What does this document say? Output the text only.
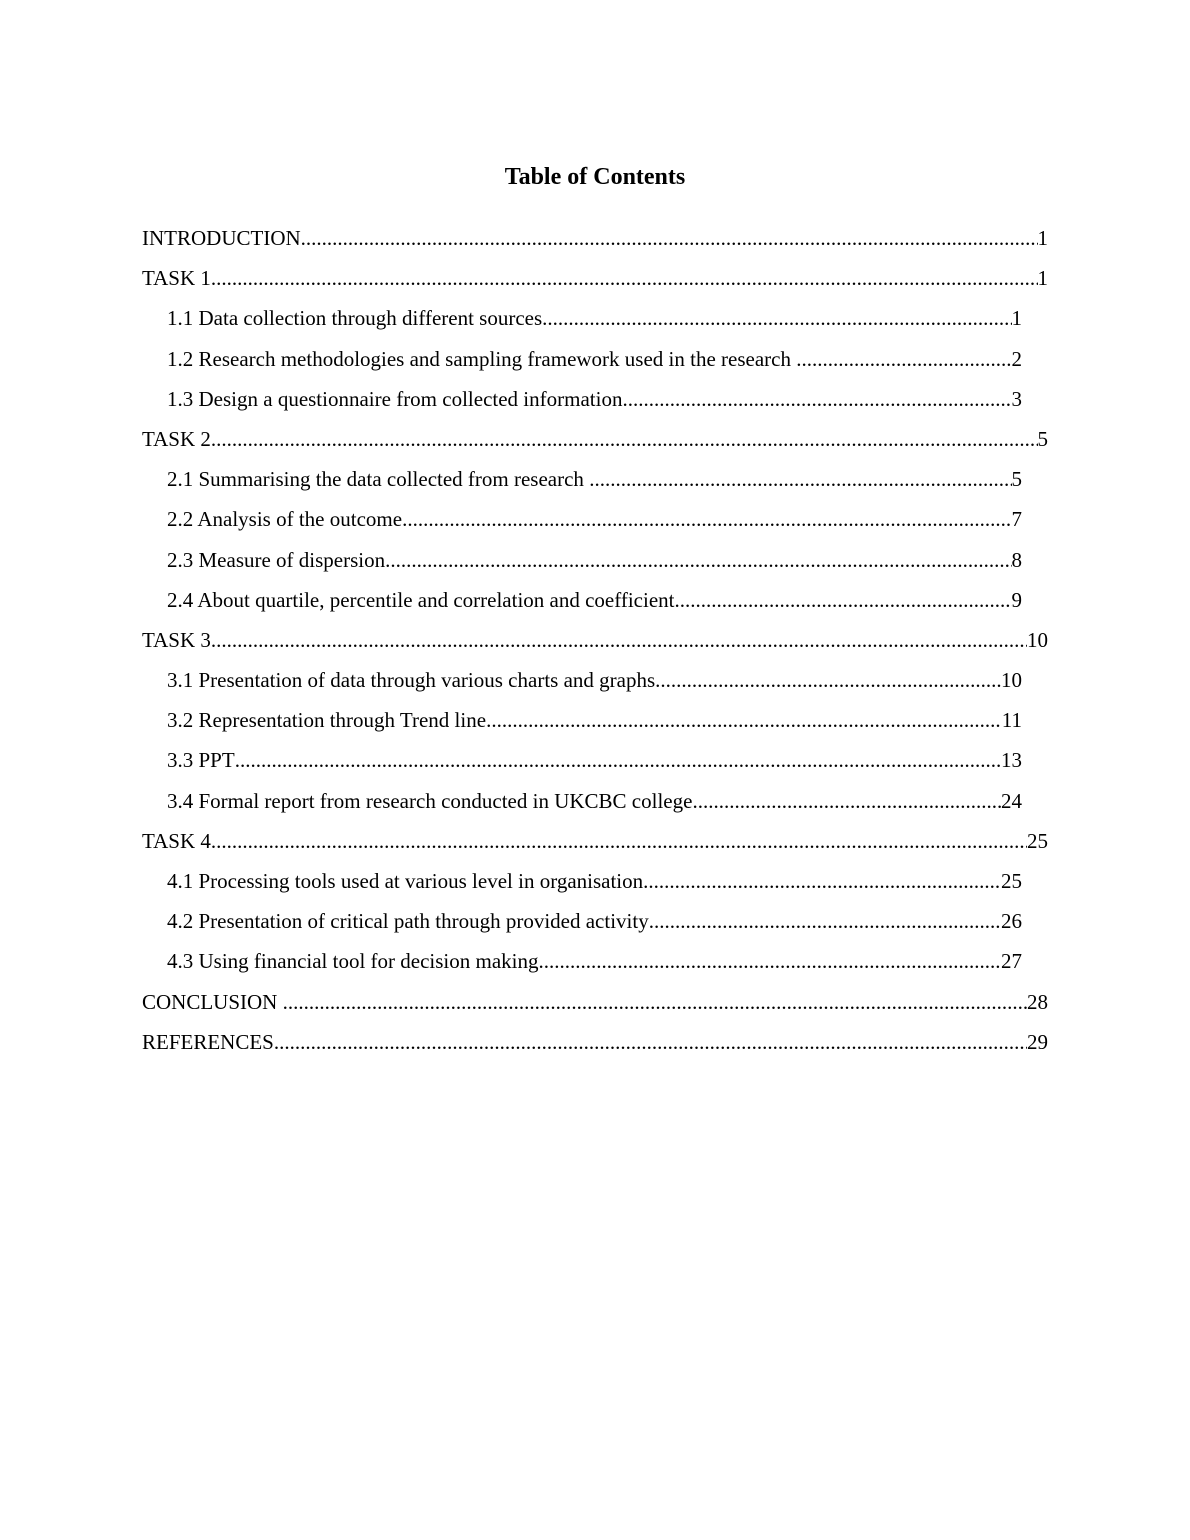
Table of Contents
INTRODUCTION .....	1
TASK 1 .....	1
1.1 Data collection through different sources .....	1
1.2 Research methodologies and sampling framework used in the research .....	2
1.3 Design a questionnaire from collected information .....	3
TASK 2 .....	5
2.1 Summarising the data collected from research .....	5
2.2 Analysis of the outcome .....	7
2.3 Measure of dispersion .....	8
2.4 About quartile, percentile and correlation and coefficient .....	9
TASK 3 .....	10
3.1 Presentation of data through various charts and graphs .....	10
3.2 Representation through Trend line .....	11
3.3 PPT .....	13
3.4 Formal report from research conducted in UKCBC college .....	24
TASK 4 .....	25
4.1 Processing tools used at various level in organisation .....	25
4.2 Presentation of critical path through provided activity .....	26
4.3 Using financial tool for decision making .....	27
CONCLUSION .....	28
REFERENCES .....	29
